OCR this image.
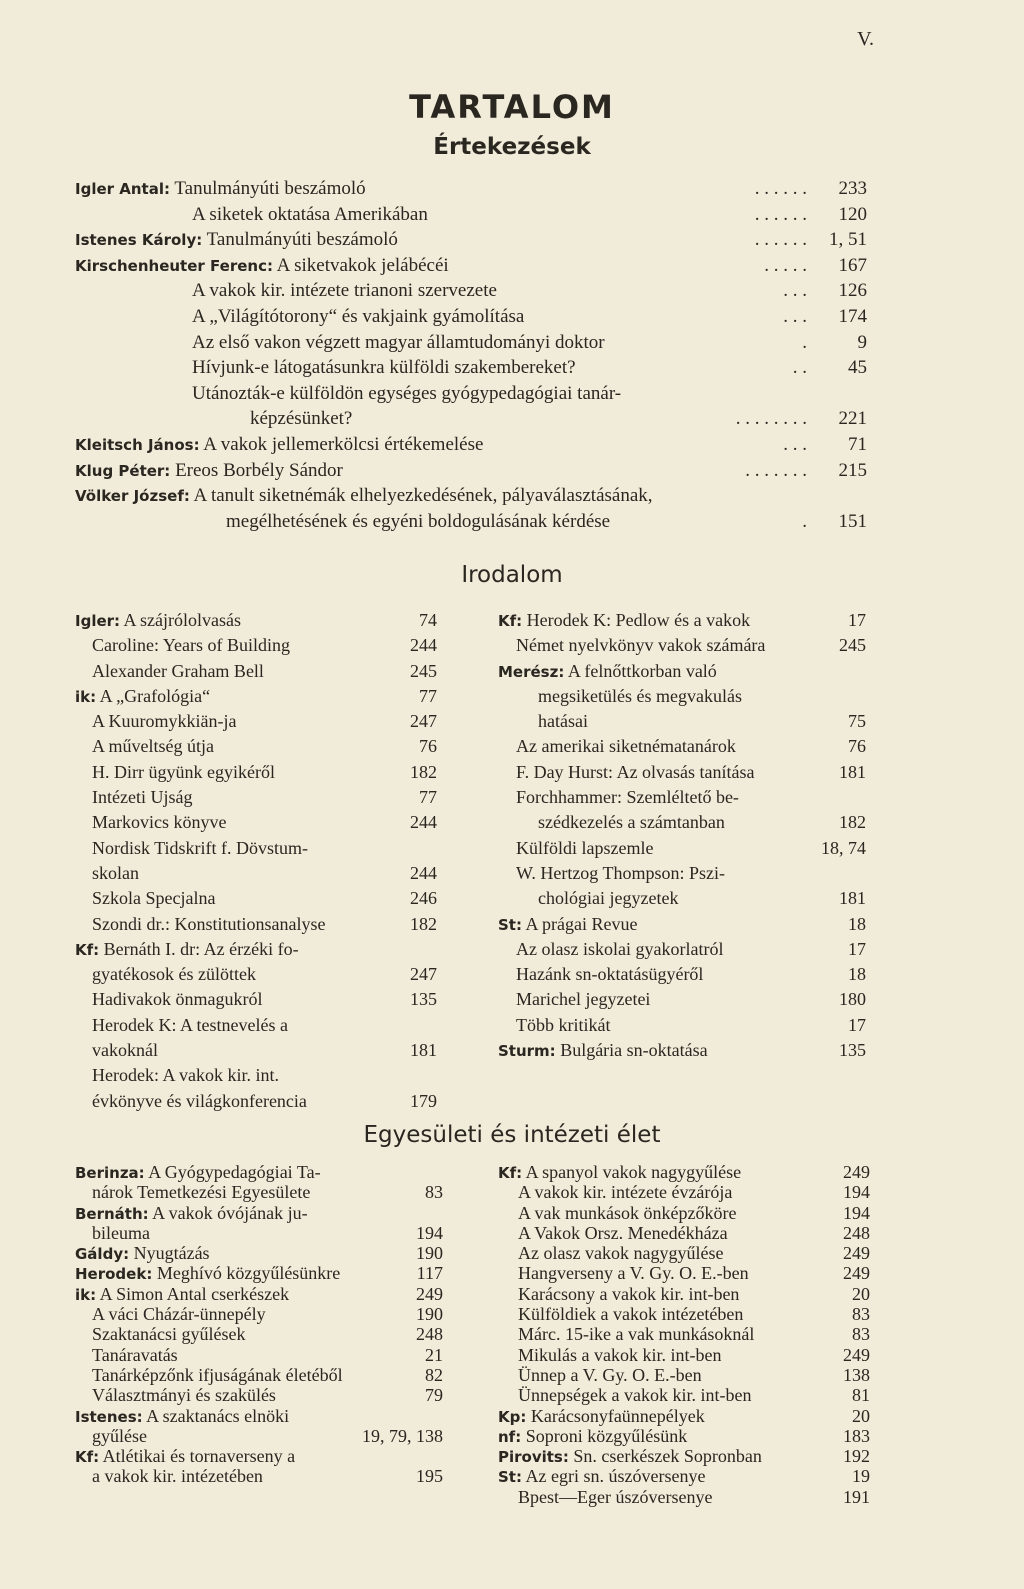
V.
TARTALOM
Értekezések
Igler Antal: Tanulmányúti beszámoló	. . . . . . 233
A siketek oktatása Amerikában	. . . . . . 120
Istenes Károly: Tanulmányúti beszámoló	. . . . . . 1, 51
Kirschenheuter Ferenc: A siketvakok jelábécéi	. . . . . 167
A vakok kir. intézete trianoni szervezete	. . . 126
A „Világítótorony“ és vakjaink gyámolítása	. . . 174
Az első vakon végzett magyar államtudományi doktor	.	9
Hívjunk-e látogatásunkra külföldi szakembereket?	. . 45
Utánozták-e külföldön egységes gyógypedagógiai tanár-
képzésünket?	. . . . . . . . 221
Kleitsch János: A vakok jellemerkölcsi értékemelése	. . . 71
Klug Péter: Ereos Borbély Sándor	. . . . . . . 215
Völker József: A tanult siketnémák elhelyezkedésének, pályaválasztásának,
megélhetésének és egyéni boldogulásának kérdése	. 151
Irodalom
Igler: A szájrólolvasás	74
Caroline: Years of Building	244
Alexander Graham Bell	245
ik: A „Grafológia“	77
A Kuuromykkiän-ja	247
A műveltség útja	76
H. Dirr ügyünk egyikéről	182
Intézeti Ujság	77
Markovics könyve	244
Nordisk Tidskrift f. Dövstum-
skolan	244
Szkola Specjalna	246
Szondi dr.: Konstitutionsanalyse	182
Kf: Bernáth I. dr: Az érzéki fo-
gyatékosok és zülöttek	247
Hadivakok önmagukról	135
Herodek K: A testnevelés a
vakoknál	181
Herodek: A vakok kir. int.
évkönyve és világkonferencia	179
Kf: Herodek K: Pedlow és a vakok	17
Német nyelvkönyv vakok számára	245
Merész: A felnőttkorban való
megsiketülés és megvakulás
hatásai	75
Az amerikai siketnématanárok	76
F. Day Hurst: Az olvasás tanítása	181
Forchhammer: Szemléltető be-
szédkezelés a számtanban	182
Külföldi lapszemle	18, 74
W. Hertzog Thompson: Pszi-
chológiai jegyzetek	181
St: A prágai Revue	18
Az olasz iskolai gyakorlatról	17
Hazánk sn-oktatásügyéről	18
Marichel jegyzetei	180
Több kritikát	17
Sturm: Bulgária sn-oktatása	135
Egyesületi és intézeti élet
Berinza: A Gyógypedagógiai Ta-
nárok Temetkezési Egyesülete	83
Bernáth: A vakok óvójának ju-
bileuma	194
Gáldy: Nyugtázás	190
Herodek: Meghívó közgyűlésünkre	117
ik: A Simon Antal cserkészek	249
A váci Cházár-ünnepély	190
Szaktanácsi gyűlések	248
Tanáravatás	21
Tanárképzőnk ifjuságának életéből	82
Választmányi és szakülés	79
Istenes: A szaktanács elnöki
gyűlése	19, 79, 138
Kf: Atlétikai és tornaverseny a
a vakok kir. intézetében	195
Kf: A spanyol vakok nagygyűlése	249
A vakok kir. intézete évzárója	194
A vak munkások önképzőköre	194
A Vakok Orsz. Menedékháza	248
Az olasz vakok nagygyűlése	249
Hangverseny a V. Gy. O. E.-ben	249
Karácsony a vakok kir. int-ben	20
Külföldiek a vakok intézetében	83
Márc. 15-ike a vak munkásoknál	83
Mikulás a vakok kir. int-ben	249
Ünnep a V. Gy. O. E.-ben	138
Ünnepségek a vakok kir. int-ben	81
Kp: Karácsonyfaünnepélyek	20
nf: Soproni közgyűlésünk	183
Pirovits: Sn. cserkészek Sopronban	192
St: Az egri sn. úszóversenye	19
Bpest—Eger úszóversenye	191
